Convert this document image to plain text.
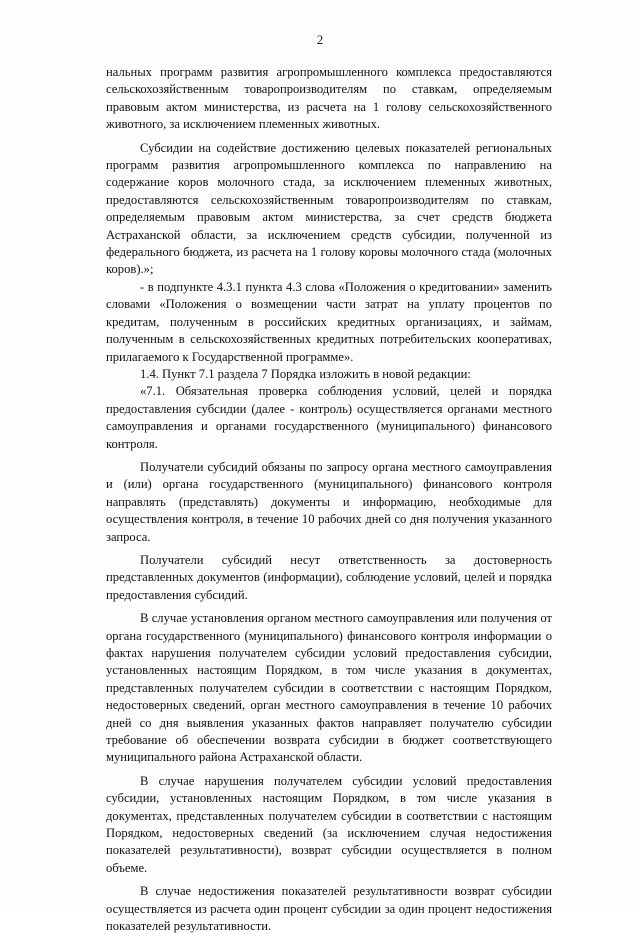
2

нальных программ развития агропромышленного комплекса предоставляются сельскохозяйственным товаропроизводителям по ставкам, определяемым правовым актом министерства, из расчета на 1 голову сельскохозяйственного животного, за исключением племенных животных.

Субсидии на содействие достижению целевых показателей региональных программ развития агропромышленного комплекса по направлению на содержание коров молочного стада, за исключением племенных животных, предоставляются сельскохозяйственным товаропроизводителям по ставкам, определяемым правовым актом министерства, за счет средств бюджета Астраханской области, за исключением средств субсидии, полученной из федерального бюджета, из расчета на 1 голову коровы молочного стада (молочных коров).»;

- в подпункте 4.3.1 пункта 4.3 слова «Положения о кредитовании» заменить словами «Положения о возмещении части затрат на уплату процентов по кредитам, полученным в российских кредитных организациях, и займам, полученным в сельскохозяйственных кредитных потребительских кооперативах, прилагаемого к Государственной программе».

1.4. Пункт 7.1 раздела 7 Порядка изложить в новой редакции:

«7.1. Обязательная проверка соблюдения условий, целей и порядка предоставления субсидии (далее - контроль) осуществляется органами местного самоуправления и органами государственного (муниципального) финансового контроля.

Получатели субсидий обязаны по запросу органа местного самоуправления и (или) органа государственного (муниципального) финансового контроля направлять (представлять) документы и информацию, необходимые для осуществления контроля, в течение 10 рабочих дней со дня получения указанного запроса.

Получатели субсидий несут ответственность за достоверность представленных документов (информации), соблюдение условий, целей и порядка предоставления субсидий.

В случае установления органом местного самоуправления или получения от органа государственного (муниципального) финансового контроля информации о фактах нарушения получателем субсидии условий предоставления субсидии, установленных настоящим Порядком, в том числе указания в документах, представленных получателем субсидии в соответствии с настоящим Порядком, недостоверных сведений, орган местного самоуправления в течение 10 рабочих дней со дня выявления указанных фактов направляет получателю субсидии требование об обеспечении возврата субсидии в бюджет соответствующего муниципального района Астраханской области.

В случае нарушения получателем субсидии условий предоставления субсидии, установленных настоящим Порядком, в том числе указания в документах, представленных получателем субсидии в соответствии с настоящим Порядком, недостоверных сведений (за исключением случая недостижения показателей результативности), возврат субсидии осуществляется в полном объеме.

В случае недостижения показателей результативности возврат субсидии осуществляется из расчета один процент субсидии за один процент недостижения показателей результативности.
